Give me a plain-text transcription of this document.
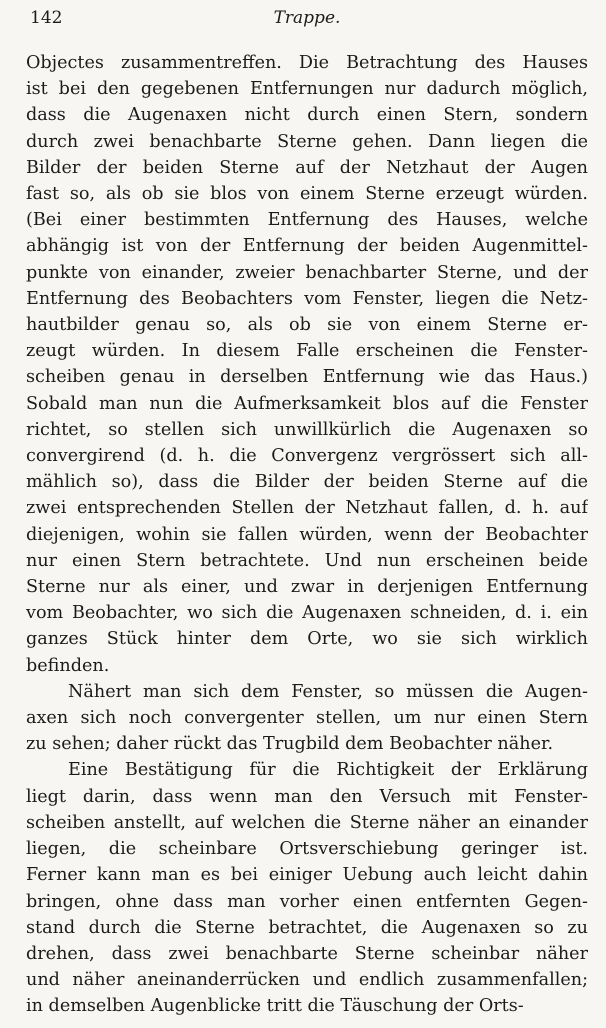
142	Trappe.
Objectes zusammentreffen. Die Betrachtung des Hauses
ist bei den gegebenen Entfernungen nur dadurch möglich,
dass die Augenaxen nicht durch einen Stern, sondern
durch zwei benachbarte Sterne gehen. Dann liegen die
Bilder der beiden Sterne auf der Netzhaut der Augen
fast so, als ob sie blos von einem Sterne erzeugt würden.
(Bei einer bestimmten Entfernung des Hauses, welche
abhängig ist von der Entfernung der beiden Augenmittel-
punkte von einander, zweier benachbarter Sterne, und der
Entfernung des Beobachters vom Fenster, liegen die Netz-
hautbilder genau so, als ob sie von einem Sterne er-
zeugt würden. In diesem Falle erscheinen die Fenster-
scheiben genau in derselben Entfernung wie das Haus.)
Sobald man nun die Aufmerksamkeit blos auf die Fenster
richtet, so stellen sich unwillkürlich die Augenaxen so
convergirend (d. h. die Convergenz vergrössert sich all-
mählich so), dass die Bilder der beiden Sterne auf die
zwei entsprechenden Stellen der Netzhaut fallen, d. h. auf
diejenigen, wohin sie fallen würden, wenn der Beobachter
nur einen Stern betrachtete. Und nun erscheinen beide
Sterne nur als einer, und zwar in derjenigen Entfernung
vom Beobachter, wo sich die Augenaxen schneiden, d. i. ein
ganzes Stück hinter dem Orte, wo sie sich wirklich
befinden.
Nähert man sich dem Fenster, so müssen die Augen-
axen sich noch convergenter stellen, um nur einen Stern
zu sehen; daher rückt das Trugbild dem Beobachter näher.
Eine Bestätigung für die Richtigkeit der Erklärung
liegt darin, dass wenn man den Versuch mit Fenster-
scheiben anstellt, auf welchen die Sterne näher an einander
liegen, die scheinbare Ortsverschiebung geringer ist.
Ferner kann man es bei einiger Uebung auch leicht dahin
bringen, ohne dass man vorher einen entfernten Gegen-
stand durch die Sterne betrachtet, die Augenaxen so zu
drehen, dass zwei benachbarte Sterne scheinbar näher
und näher aneinanderrücken und endlich zusammenfallen;
in demselben Augenblicke tritt die Täuschung der Orts-
